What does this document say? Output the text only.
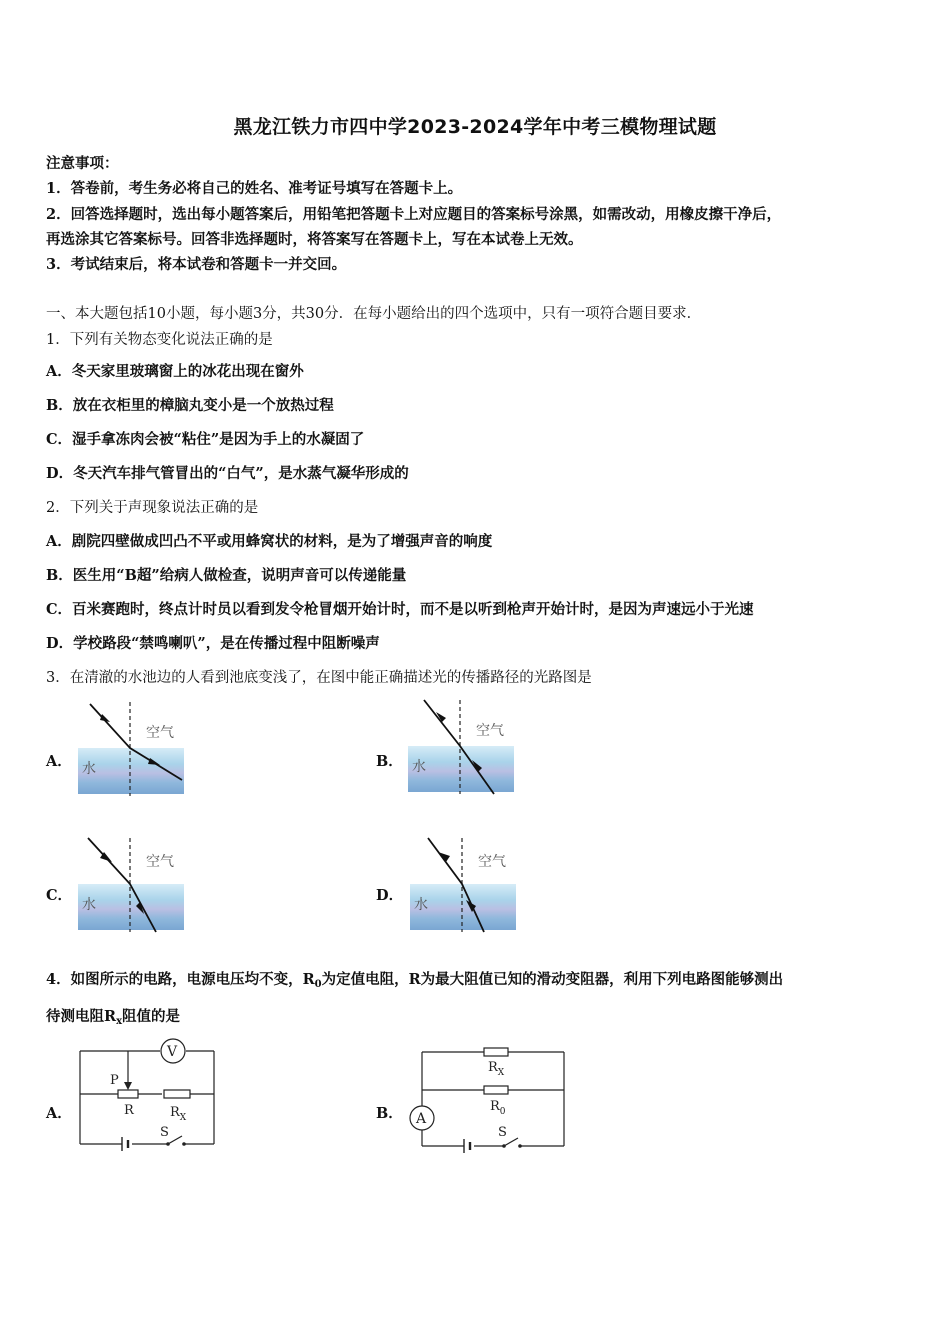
黑龙江铁力市四中学2023-2024学年中考三模物理试题
注意事项：
1．答卷前，考生务必将自己的姓名、准考证号填写在答题卡上。
2．回答选择题时，选出每小题答案后，用铅笔把答题卡上对应题目的答案标号涂黑，如需改动，用橡皮擦干净后，
再选涂其它答案标号。回答非选择题时，将答案写在答题卡上，写在本试卷上无效。
3．考试结束后，将本试卷和答题卡一并交回。
一、本大题包括10小题，每小题3分，共30分．在每小题给出的四个选项中，只有一项符合题目要求．
1．下列有关物态变化说法正确的是
A．冬天家里玻璃窗上的冰花出现在窗外
B．放在衣柜里的樟脑丸变小是一个放热过程
C．湿手拿冻肉会被“粘住”是因为手上的水凝固了
D．冬天汽车排气管冒出的“白气”，是水蒸气凝华形成的
2．下列关于声现象说法正确的是
A．剧院四壁做成凹凸不平或用蜂窝状的材料，是为了增强声音的响度
B．医生用“B超”给病人做检查，说明声音可以传递能量
C．百米赛跑时，终点计时员以看到发令枪冒烟开始计时，而不是以听到枪声开始计时，是因为声速远小于光速
D．学校路段“禁鸣喇叭”，是在传播过程中阻断噪声
3．在清澈的水池边的人看到池底变浅了，在图中能正确描述光的传播路径的光路图是
A．	B．
C．	D．
空气
水
空气
水
空气
水
空气
水
4．如图所示的电路，电源电压均不变，$R_0$为定值电阻，R为最大阻值已知的滑动变阻器，利用下列电路图能够测出
待测电阻$R_x$阻值的是
A．	B．
V
P
R	$R_X$
S
$R_X$
$R_0$
A
S
